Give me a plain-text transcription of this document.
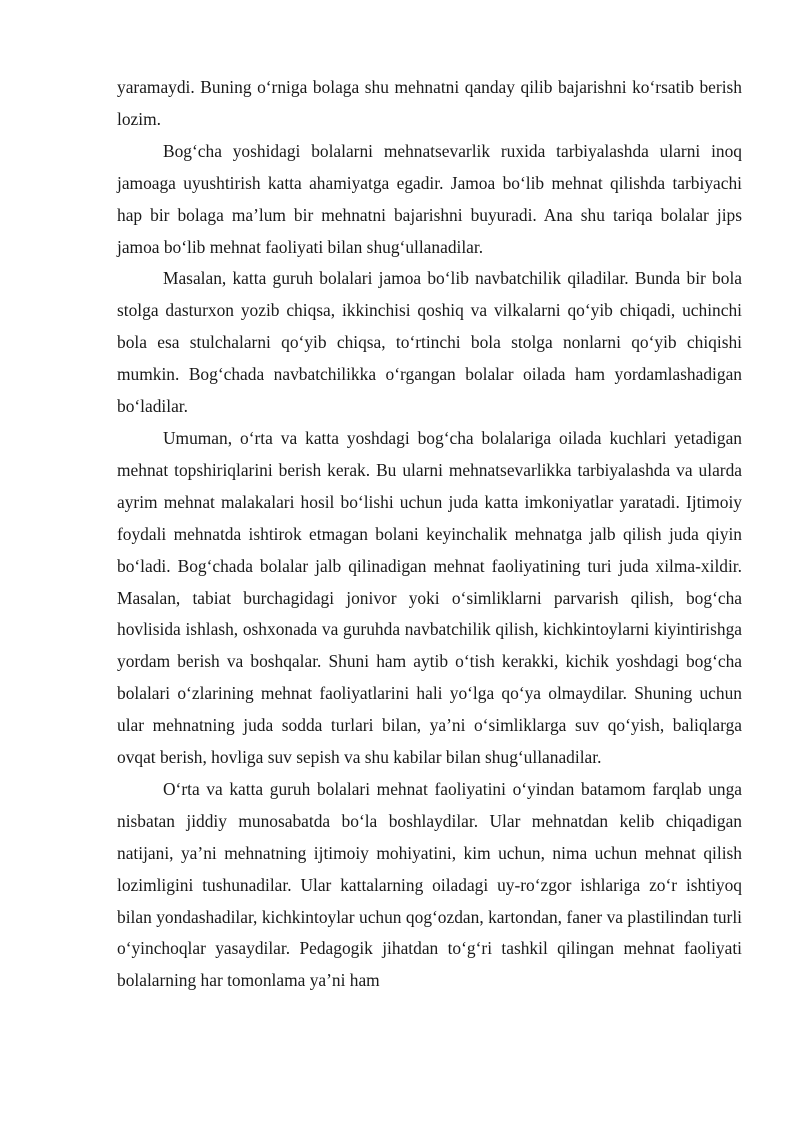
yaramaydi. Buning o‘rniga bolaga shu mehnatni qanday qilib bajarishni ko‘rsatib berish lozim.

Bog‘cha yoshidagi bolalarni mehnatsevarlik ruxida tarbiyalashda ularni inoq jamoaga uyushtirish katta ahamiyatga egadir. Jamoa bo‘lib mehnat qilishda tarbiyachi hap bir bolaga ma’lum bir mehnatni bajarishni buyuradi. Ana shu tariqa bolalar jips jamoa bo‘lib mehnat faoliyati bilan shug‘ullanadilar.

Masalan, katta guruh bolalari jamoa bo‘lib navbatchilik qiladilar. Bunda bir bola stolga dasturxon yozib chiqsa, ikkinchisi qoshiq va vilkalarni qo‘yib chiqadi, uchinchi bola esa stulchalarni qo‘yib chiqsa, to‘rtinchi bola stolga nonlarni qo‘yib chiqishi mumkin. Bog‘chada navbatchilikka o‘rgangan bolalar oilada ham yordamlashadigan bo‘ladilar.

Umuman, o‘rta va katta yoshdagi bog‘cha bolalariga oilada kuchlari yetadigan mehnat topshiriqlarini berish kerak. Bu ularni mehnatsevarlikka tarbiyalashda va ularda ayrim mehnat malakalari hosil bo‘lishi uchun juda katta imkoniyatlar yaratadi. Ijtimoiy foydali mehnatda ishtirok etmagan bolani keyinchalik mehnatga jalb qilish juda qiyin bo‘ladi. Bog‘chada bolalar jalb qilinadigan mehnat faoliyatining turi juda xilma-xildir. Masalan, tabiat burchagidagi jonivor yoki o‘simliklarni parvarish qilish, bog‘cha hovlisida ishlash, oshxonada va guruhda navbatchilik qilish, kichkintoylarni kiyintirishga yordam berish va boshqalar. Shuni ham aytib o‘tish kerakki, kichik yoshdagi bog‘cha bolalari o‘zlarining mehnat faoliyatlarini hali yo‘lga qo‘ya olmaydilar. Shuning uchun ular mehnatning juda sodda turlari bilan, ya’ni o‘simliklarga suv qo‘yish, baliqlarga ovqat berish, hovliga suv sepish va shu kabilar bilan shug‘ullanadilar.

O‘rta va katta guruh bolalari mehnat faoliyatini o‘yindan batamom farqlab unga nisbatan jiddiy munosabatda bo‘la boshlaydilar. Ular mehnatdan kelib chiqadigan natijani, ya’ni mehnatning ijtimoiy mohiyatini, kim uchun, nima uchun mehnat qilish lozimligini tushunadilar. Ular kattalarning oiladagi uy-ro‘zgor ishlariga zo‘r ishtiyoq bilan yondashadilar, kichkintoylar uchun qog‘ozdan, kartondan, faner va plastilindan turli o‘yinchoqlar yasaydilar. Pedagogik jihatdan to‘g‘ri tashkil qilingan mehnat faoliyati bolalarning har tomonlama ya’ni ham
